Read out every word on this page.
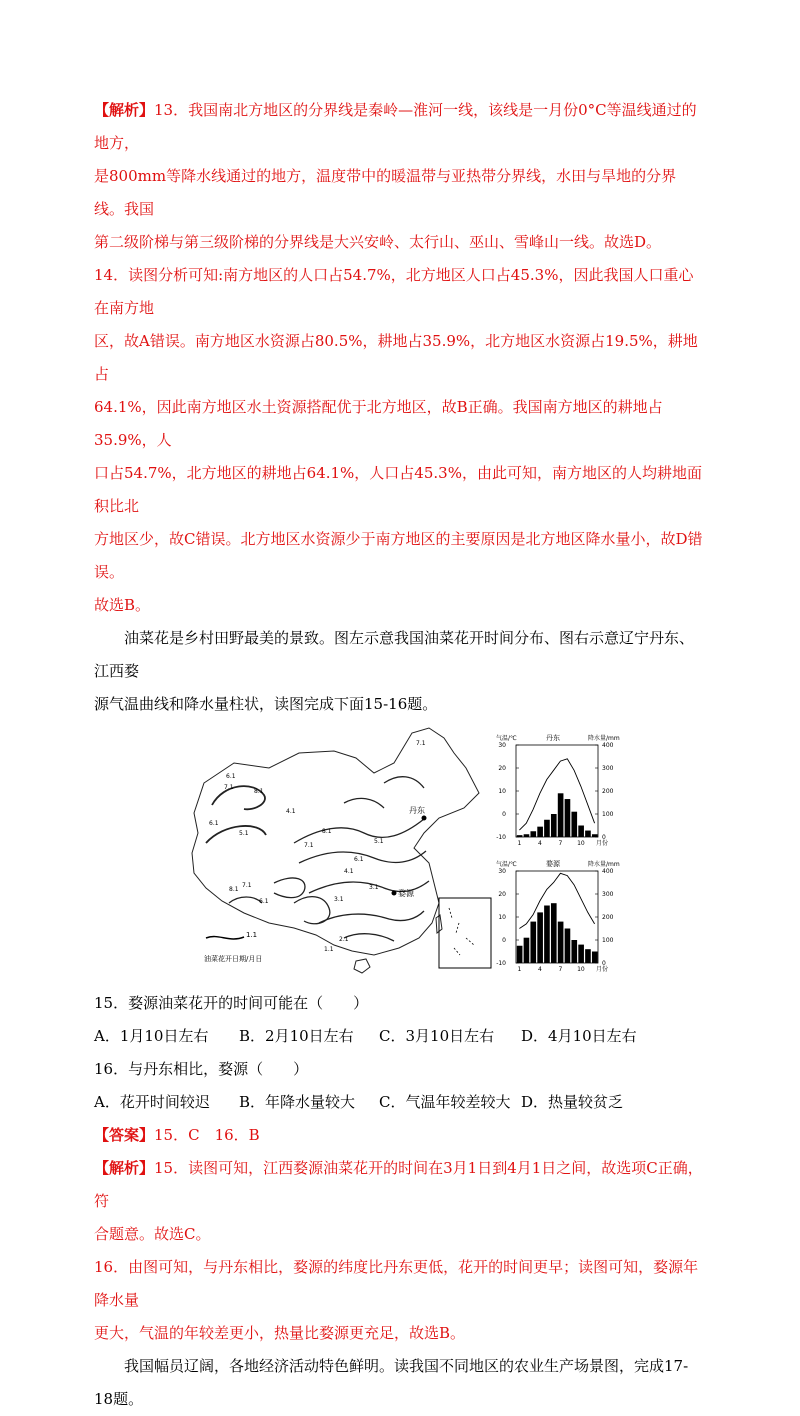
【解析】13．我国南北方地区的分界线是秦岭—淮河一线，该线是一月份0°C等温线通过的地方，

是800mm等降水线通过的地方，温度带中的暖温带与亚热带分界线，水田与旱地的分界线。我国

第二级阶梯与第三级阶梯的分界线是大兴安岭、太行山、巫山、雪峰山一线。故选D。

14．读图分析可知:南方地区的人口占54.7%，北方地区人口占45.3%，因此我国人口重心在南方地

区，故A错误。南方地区水资源占80.5%，耕地占35.9%，北方地区水资源占19.5%，耕地占

64.1%，因此南方地区水土资源搭配优于北方地区，故B正确。我国南方地区的耕地占35.9%，人

口占54.7%，北方地区的耕地占64.1%，人口占45.3%，由此可知，南方地区的人均耕地面积比北

方地区少，故C错误。北方地区水资源少于南方地区的主要原因是北方地区降水量小，故D错误。

故选B。

油菜花是乡村田野最美的景致。图左示意我国油菜花开时间分布、图右示意辽宁丹东、江西婺

源气温曲线和降水量柱状，读图完成下面15-16题。

7.1
6.1
7.1
8.1
6.1
5.1
4.1
8.1
7.1
6.1
5.1
4.1
3.1
3.1
2.1
1.1
8.1
7.1
6.1
丹东
婺源
1.1
油菜花开日期/月日
气温/℃	丹东	降水量/mm
30
20
10
0
-10
400
300
200
100
0
1	4	7 10 月份
气温/℃	婺源	降水量/mm
30
20
10
0
-10
400
300
200
100
0
1	4	7 10 月份

15．婺源油菜花开的时间可能在（　　）

A．1月10日左右	B．2月10日左右	C．3月10日左右	D．4月10日左右

16．与丹东相比，婺源（　　）

A．花开时间较迟	B．年降水量较大	C．气温年较差较大 D．热量较贫乏

【答案】15．C　16．B

【解析】15．读图可知，江西婺源油菜花开的时间在3月1日到4月1日之间，故选项C正确，符

合题意。故选C。

16．由图可知，与丹东相比，婺源的纬度比丹东更低，花开的时间更早；读图可知，婺源年降水量

更大，气温的年较差更小，热量比婺源更充足，故选B。

我国幅员辽阔，各地经济活动特色鲜明。读我国不同地区的农业生产场景图，完成17-18题。
